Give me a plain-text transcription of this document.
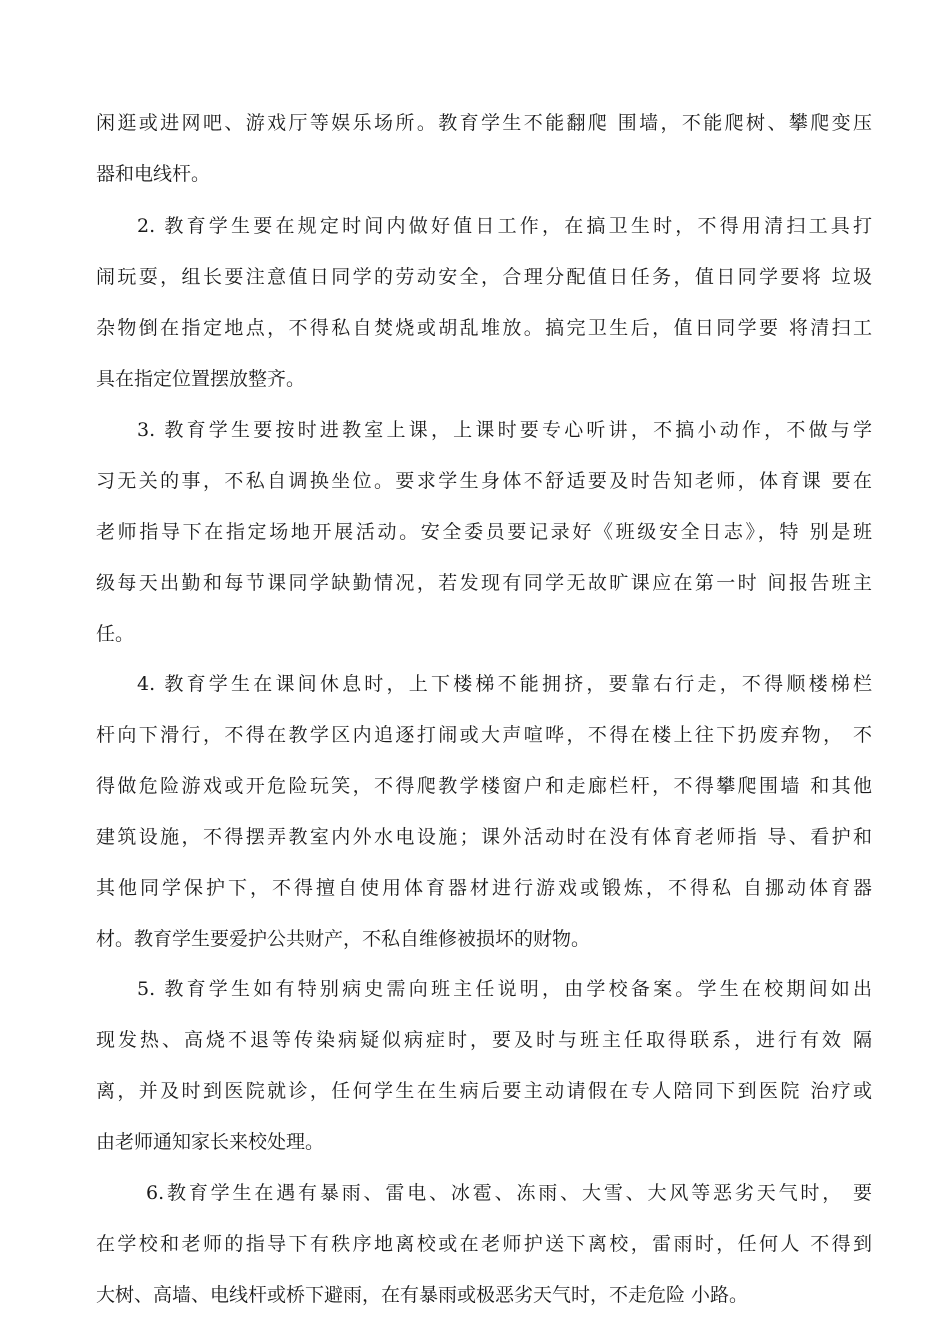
闲逛或进网吧、游戏厅等娱乐场所。教育学生不能翻爬 围墙，不能爬树、攀爬变压
器和电线杆。
2. 教育学生要在规定时间内做好值日工作，在搞卫生时，不得用清扫工具打
闹玩耍，组长要注意值日同学的劳动安全，合理分配值日任务，值日同学要将 垃圾
杂物倒在指定地点，不得私自焚烧或胡乱堆放。搞完卫生后，值日同学要 将清扫工
具在指定位置摆放整齐。
3. 教育学生要按时进教室上课，上课时要专心听讲，不搞小动作，不做与学
习无关的事，不私自调换坐位。要求学生身体不舒适要及时告知老师，体育课 要在
老师指导下在指定场地开展活动。安全委员要记录好《班级安全日志》，特 别是班
级每天出勤和每节课同学缺勤情况，若发现有同学无故旷课应在第一时 间报告班主
任。
4. 教育学生在课间休息时，上下楼梯不能拥挤，要靠右行走，不得顺楼梯栏
杆向下滑行，不得在教学区内追逐打闹或大声喧哗，不得在楼上往下扔废弃物， 不
得做危险游戏或开危险玩笑，不得爬教学楼窗户和走廊栏杆，不得攀爬围墙 和其他
建筑设施，不得摆弄教室内外水电设施；课外活动时在没有体育老师指 导、看护和
其他同学保护下，不得擅自使用体育器材进行游戏或锻炼，不得私 自挪动体育器
材。教育学生要爱护公共财产，不私自维修被损坏的财物。
5. 教育学生如有特别病史需向班主任说明，由学校备案。学生在校期间如出
现发热、高烧不退等传染病疑似病症时，要及时与班主任取得联系，进行有效 隔
离，并及时到医院就诊，任何学生在生病后要主动请假在专人陪同下到医院 治疗或
由老师通知家长来校处理。
6.教育学生在遇有暴雨、雷电、冰雹、冻雨、大雪、大风等恶劣天气时， 要
在学校和老师的指导下有秩序地离校或在老师护送下离校，雷雨时，任何人 不得到
大树、高墙、电线杆或桥下避雨，在有暴雨或极恶劣天气时，不走危险 小路。
